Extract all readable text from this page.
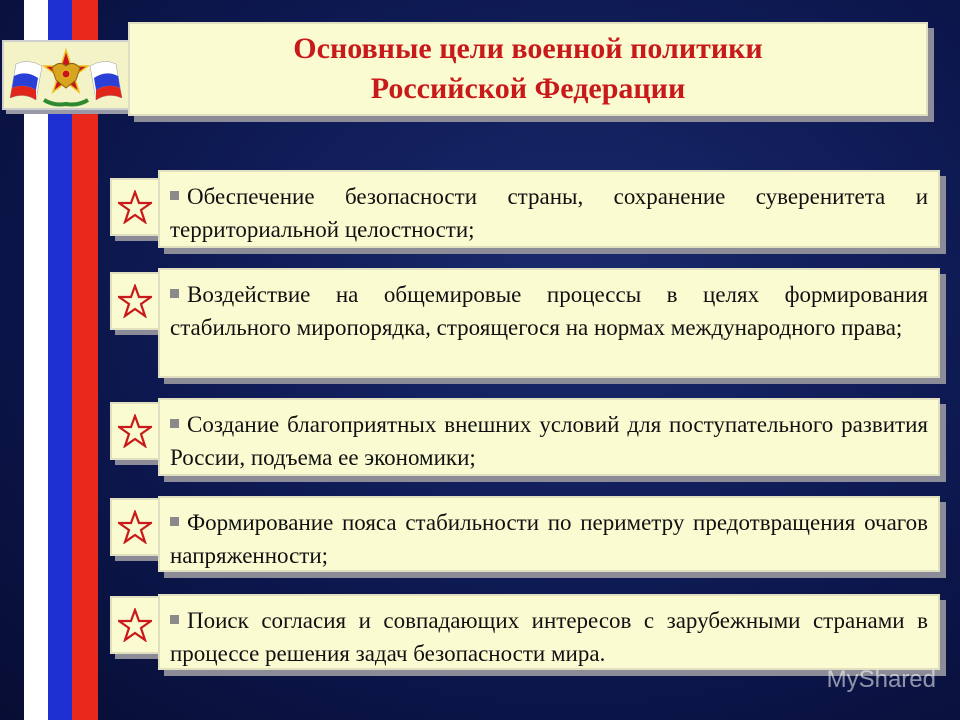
Основные цели военной политики
Российской Федерации
Обеспечение безопасности страны, сохранение суверенитета и территориальной целостности;
Воздействие на общемировые процессы в целях формирования стабильного миропорядка, строящегося на нормах международного права;
Создание благоприятных внешних условий для поступательного развития России, подъема ее экономики;
Формирование пояса стабильности по периметру предотвращения очагов напряженности;
Поиск согласия и совпадающих интересов с зарубежными странами в процессе решения задач безопасности мира.
MyShared
